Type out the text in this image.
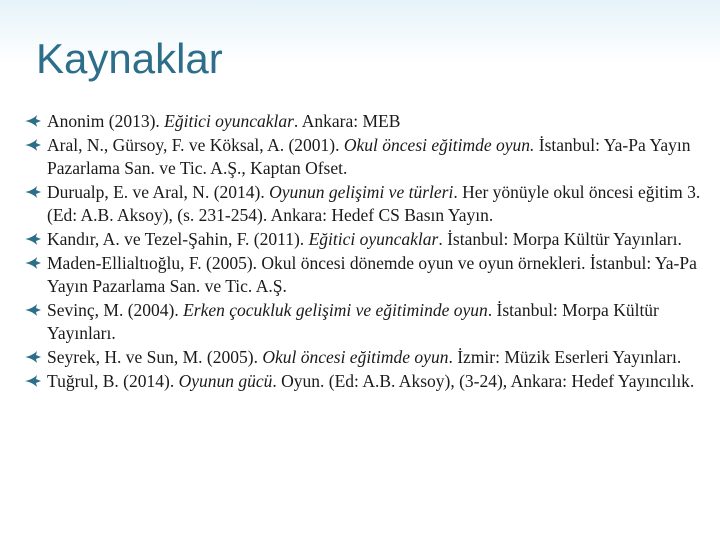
Kaynaklar
Anonim (2013). Eğitici oyuncaklar. Ankara: MEB
Aral, N., Gürsoy, F. ve Köksal, A. (2001). Okul öncesi eğitimde oyun. İstanbul: Ya-Pa Yayın Pazarlama San. ve Tic. A.Ş., Kaptan Ofset.
Durualp, E. ve Aral, N. (2014). Oyunun gelişimi ve türleri. Her yönüyle okul öncesi eğitim 3. (Ed: A.B. Aksoy), (s. 231-254). Ankara: Hedef CS Basın Yayın.
Kandır, A. ve Tezel-Şahin, F. (2011). Eğitici oyuncaklar. İstanbul: Morpa Kültür Yayınları.
Maden-Ellialtıoğlu, F. (2005). Okul öncesi dönemde oyun ve oyun örnekleri. İstanbul: Ya-Pa Yayın Pazarlama San. ve Tic. A.Ş.
Sevinç, M. (2004). Erken çocukluk gelişimi ve eğitiminde oyun. İstanbul: Morpa Kültür Yayınları.
Seyrek, H. ve Sun, M. (2005). Okul öncesi eğitimde oyun. İzmir: Müzik Eserleri Yayınları.
Tuğrul, B. (2014). Oyunun gücü. Oyun. (Ed: A.B. Aksoy), (3-24), Ankara: Hedef Yayıncılık.
